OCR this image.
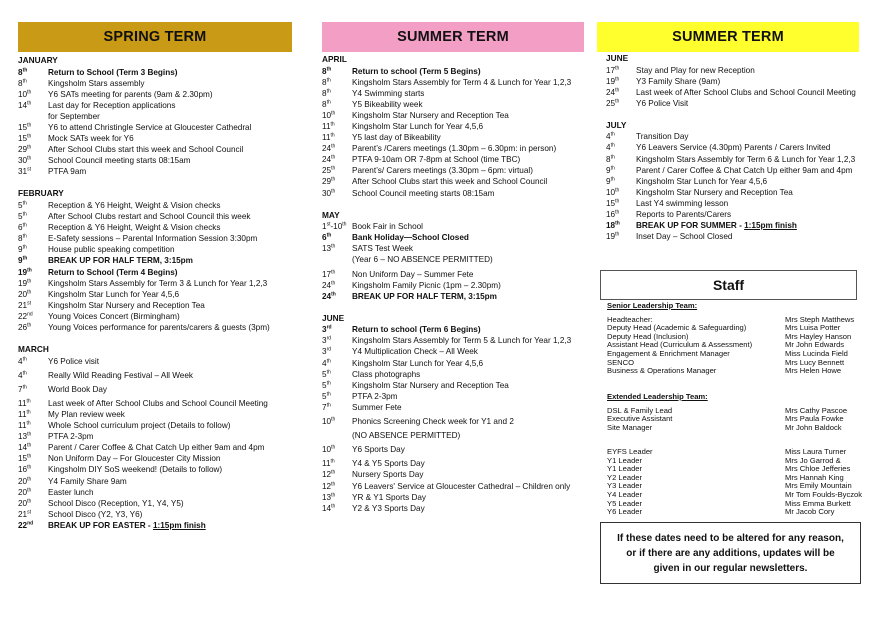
SPRING TERM
JANUARY
8th	Return to School (Term 3 Begins)
8th	Kingsholm Stars assembly
10th	Y6 SATs meeting for parents (9am & 2.30pm)
14th	Last day for Reception applications
for September
15th	Y6 to attend Christingle Service at Gloucester Cathedral
15th	Mock SATs week for Y6
29th	After School Clubs start this week and School Council
30th	School Council meeting starts 08:15am
31st	PTFA 9am
FEBRUARY
5th	Reception & Y6 Height, Weight & Vision checks
5th	After School Clubs restart and School Council this week
6th	Reception & Y6 Height, Weight & Vision checks
8th	E-Safety sessions – Parental Information Session 3:30pm
9th	House public speaking competition
9th	BREAK UP FOR HALF TERM, 3:15pm
19th	Return to School (Term 4 Begins)
19th	Kingsholm Stars Assembly for Term 3 & Lunch for Year 1,2,3
20th	Kingsholm Star Lunch for Year 4,5,6
21st	Kingsholm Star Nursery and Reception Tea
22nd	Young Voices Concert (Birmingham)
26th	Young Voices performance for parents/carers & guests (3pm)
MARCH
4th	Y6 Police visit
4th	Really Wild Reading Festival – All Week
7th	World Book Day
11th	Last week of After School Clubs and School Council Meeting
11th	My Plan review week
11th	Whole School curriculum project (Details to follow)
13th	PTFA 2-3pm
14th	Parent / Carer Coffee & Chat Catch Up either 9am and 4pm
15th	Non Uniform Day – For Gloucester City Mission
16th	Kingsholm DIY SoS weekend! (Details to follow)
20th	Y4 Family Share 9am
20th	Easter lunch
20th	School Disco (Reception, Y1, Y4, Y5)
21st	School Disco (Y2, Y3, Y6)
22nd	BREAK UP FOR EASTER - 1:15pm finish
SUMMER TERM
APRIL
8th	Return to school (Term 5 Begins)
8th	Kingsholm Stars Assembly for Term 4 & Lunch for Year 1,2,3
8th	Y4 Swimming starts
8th	Y5 Bikeability week
10th	Kingsholm Star Nursery and Reception Tea
11th	Kingsholm Star Lunch for Year 4,5,6
11th	Y5 last day of Bikeability
24th	Parent’s /Carers meetings (1.30pm – 6.30pm: in person)
24th	PTFA 9-10am OR 7-8pm at School (time TBC)
25th	Parent’s/ Carers meetings (3.30pm – 6pm: virtual)
29th	After School Clubs start this week and School Council
30th	School Council meeting starts 08:15am
MAY
1st-10th Book Fair in School
6th	Bank Holiday—School Closed
13th	SATS Test Week
(Year 6 – NO ABSENCE PERMITTED)
17th	Non Uniform Day – Summer Fete
24th	Kingsholm Family Picnic (1pm – 2.30pm)
24th	BREAK UP FOR HALF TERM, 3:15pm
JUNE
3rd	Return to school (Term 6 Begins)
3rd	Kingsholm Stars Assembly for Term 5 & Lunch for Year 1,2,3
3rd	Y4 Multiplication Check – All Week
4th	Kingsholm Star Lunch for Year 4,5,6
5th	Class photographs
5th	Kingsholm Star Nursery and Reception Tea
5th	PTFA 2-3pm
7th	Summer Fete
10th	Phonics Screening Check week for Y1 and 2
(NO ABSENCE PERMITTED)
10th	Y6 Sports Day
11th	Y4 & Y5 Sports Day
12th	Nursery Sports Day
12th	Y6 Leavers' Service at Gloucester Cathedral – Children only
13th	YR & Y1 Sports Day
14th	Y2 & Y3 Sports Day
SUMMER TERM
JUNE
17th	Stay and Play for new Reception
19th	Y3 Family Share (9am)
24th	Last week of After School Clubs and School Council Meeting
25th	Y6 Police Visit
JULY
4th	Transition Day
4th	Y6 Leavers Service (4.30pm) Parents / Carers Invited
8th	Kingsholm Stars Assembly for Term 6 & Lunch for Year 1,2,3
9th	Parent / Carer Coffee & Chat Catch Up either 9am and 4pm
9th	Kingsholm Star Lunch for Year 4,5,6
10th	Kingsholm Star Nursery and Reception Tea
15th	Last Y4 swimming lesson
16th	Reports to Parents/Carers
18th	BREAK UP FOR SUMMER - 1:15pm finish
19th	Inset Day – School Closed
Staff
Senior Leadership Team:
Headteacher:	Mrs Steph Matthews
Deputy Head (Academic & Safeguarding)	Mrs Luisa Potter
Deputy Head (Inclusion)	Mrs Hayley Hanson
Assistant Head (Curriculum & Assessment)	Mr John Edwards
Engagement & Enrichment Manager	Miss Lucinda Field
SENCO	Mrs Lucy Bennett
Business & Operations Manager	Mrs Helen Howe
Extended Leadership Team:
DSL & Family Lead	Mrs Cathy Pascoe
Executive Assistant	Mrs Paula Fowke
Site Manager	Mr John Baldock
EYFS Leader	Miss Laura Turner
Y1 Leader	Mrs Jo Garrod &
Y1 Leader	Mrs Chloe Jefferies
Y2 Leader	Mrs Hannah King
Y3 Leader	Mrs Emily Mountain
Y4 Leader	Mr Tom Foulds-Byczok
Y5 Leader	Miss Emma Burkett
Y6 Leader	Mr Jacob Cory
If these dates need to be altered for any reason,
or if there are any additions, updates will be
given in our regular newsletters.
